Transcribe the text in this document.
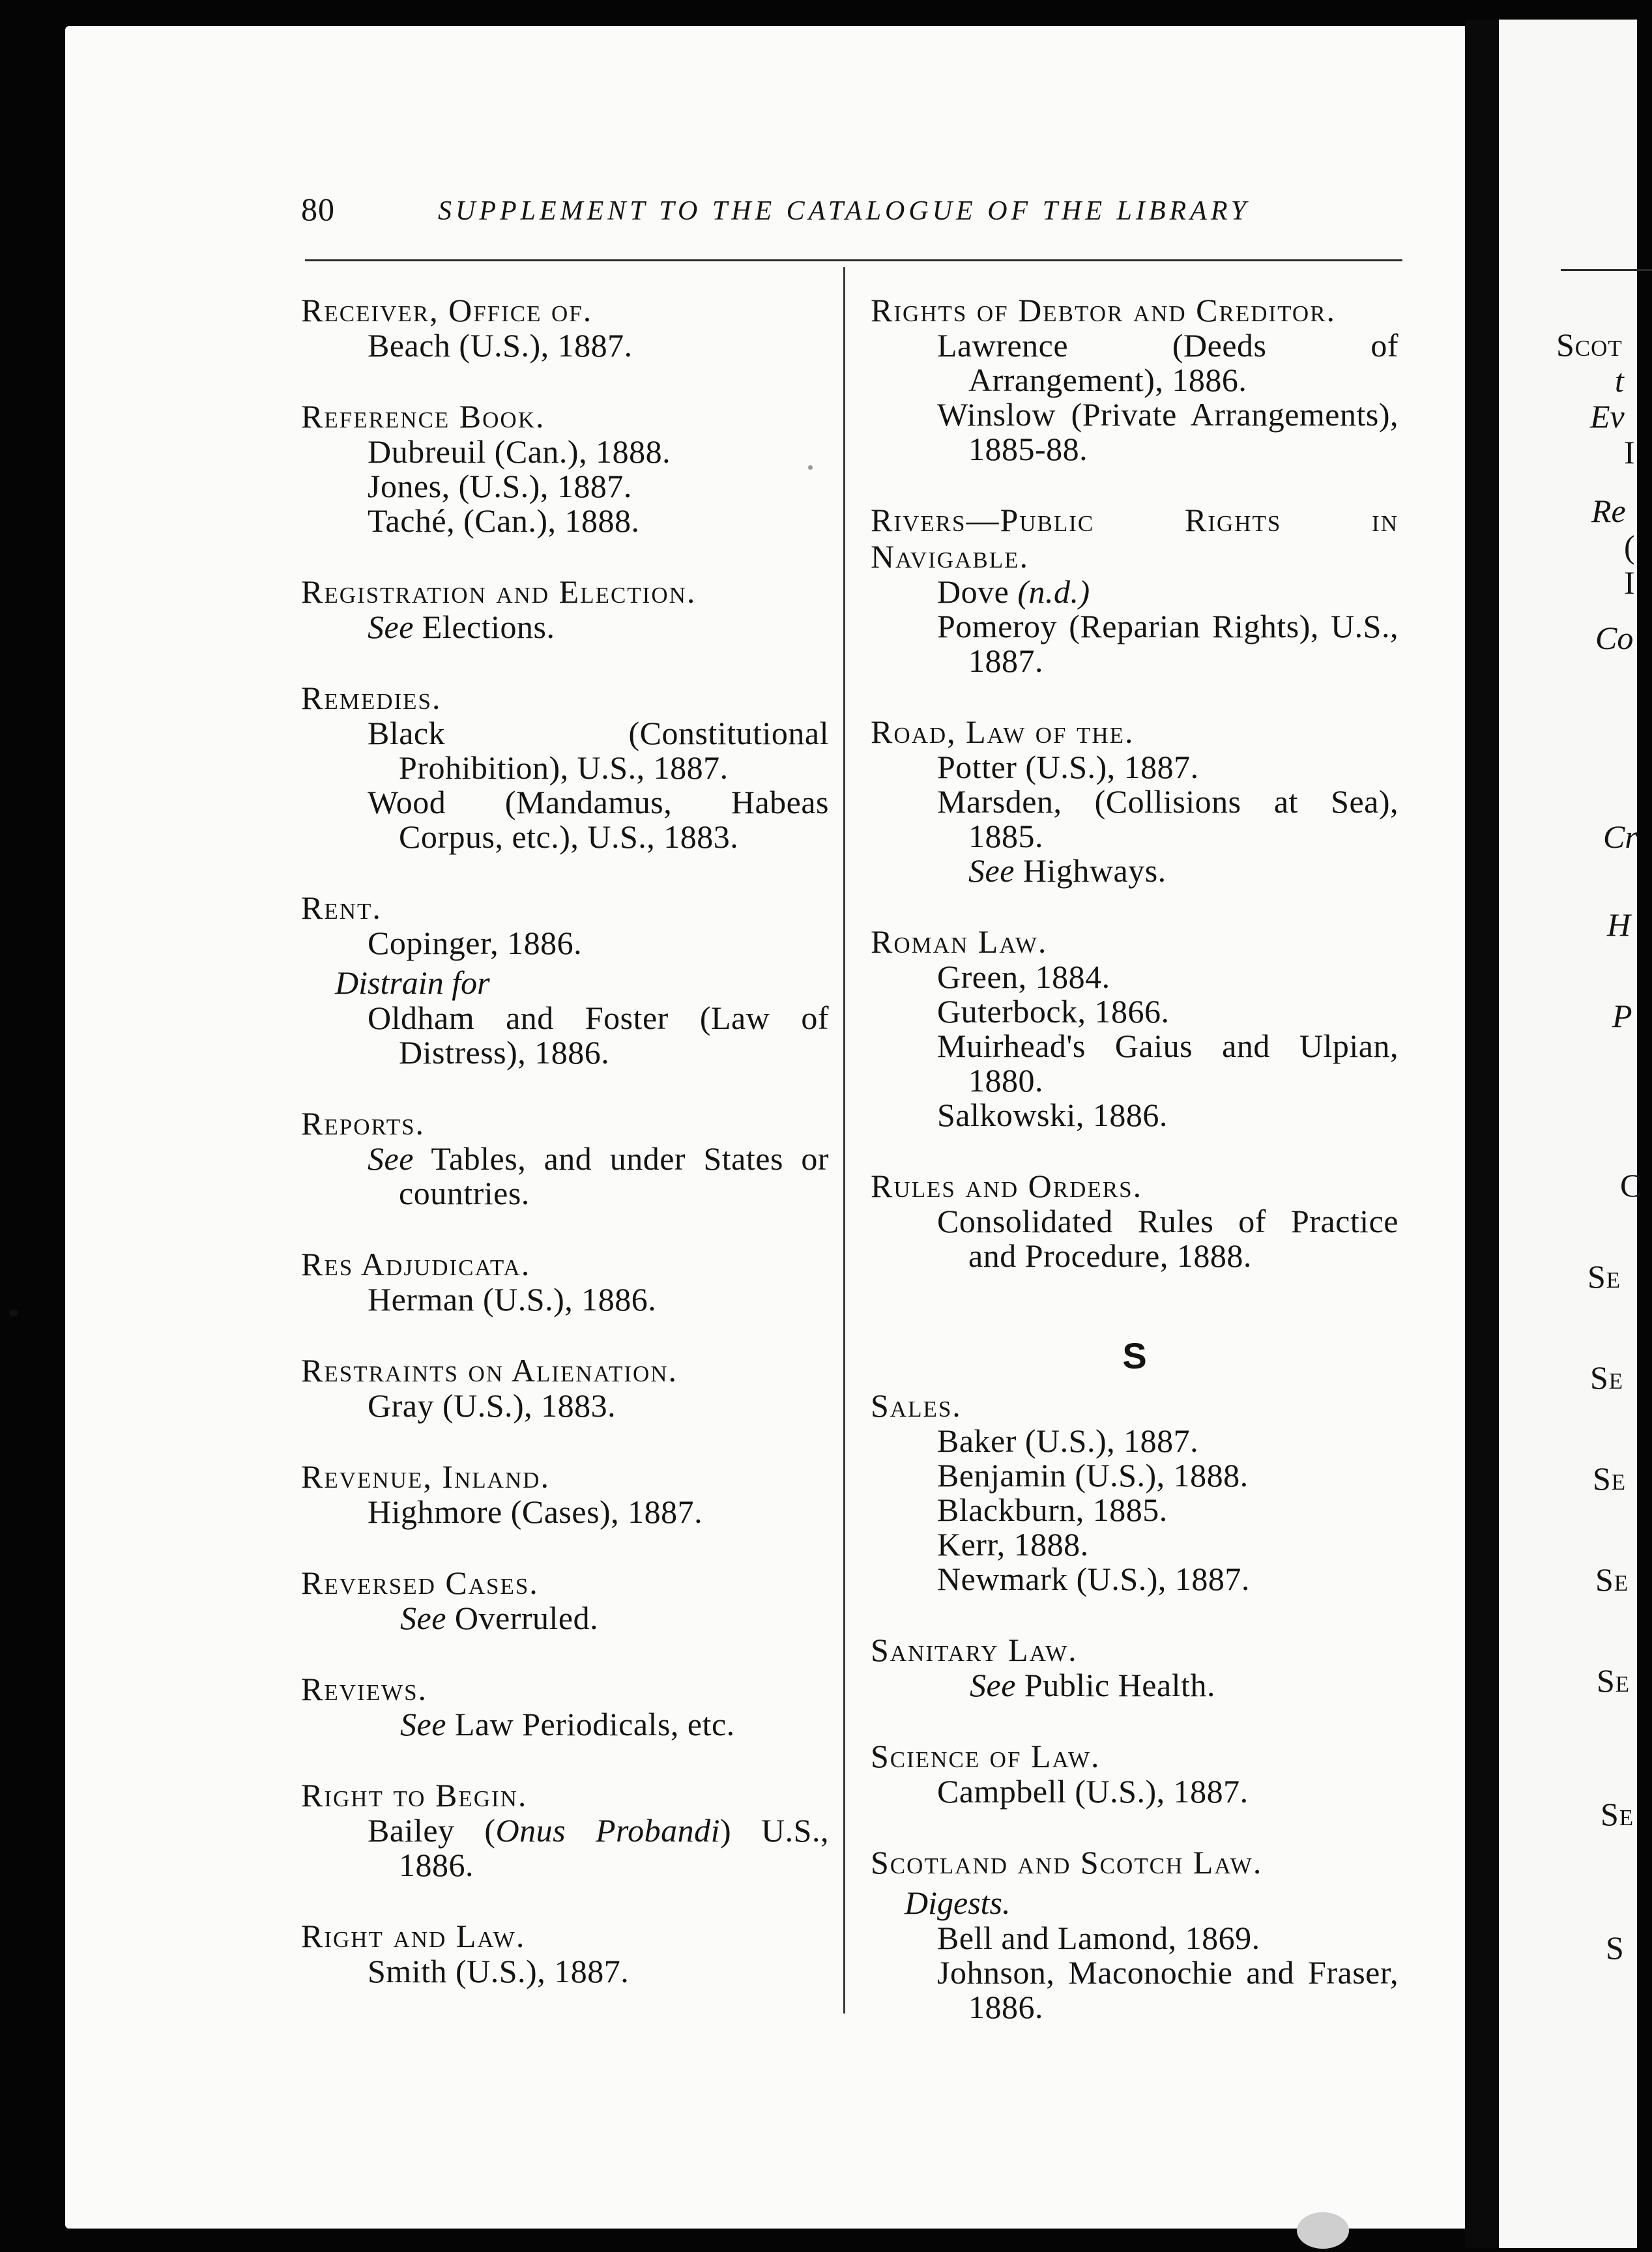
Scot
t
Ev
I
Re
(
I
Co
Cr
H
P
C
Se
Se
Se
Se
Se
Se
S
80	SUPPLEMENT TO THE CATALOGUE OF THE LIBRARY
Receiver, Office of.
Beach (U.S.), 1887.
Reference Book.
Dubreuil (Can.), 1888.
Jones, (U.S.), 1887.
Taché, (Can.), 1888.
Registration and Election.
See Elections.
Remedies.
Black (Constitutional Prohibition), U.S., 1887.
Wood (Mandamus, Habeas Corpus, etc.), U.S., 1883.
Rent.
Copinger, 1886.
Distrain for
Oldham and Foster (Law of Distress), 1886.
Reports.
See Tables, and under States or countries.
Res Adjudicata.
Herman (U.S.), 1886.
Restraints on Alienation.
Gray (U.S.), 1883.
Revenue, Inland.
Highmore (Cases), 1887.
Reversed Cases.
See Overruled.
Reviews.
See Law Periodicals, etc.
Right to Begin.
Bailey (Onus Probandi) U.S., 1886.
Right and Law.
Smith (U.S.), 1887.
Rights of Debtor and Creditor.
Lawrence (Deeds of Arrangement), 1886.
Winslow (Private Arrangements), 1885-88.
Rivers—Public Rights in Navigable.
Dove (n.d.)
Pomeroy (Reparian Rights), U.S., 1887.
Road, Law of the.
Potter (U.S.), 1887.
Marsden, (Collisions at Sea), 1885.
See Highways.
Roman Law.
Green, 1884.
Guterbock, 1866.
Muirhead's Gaius and Ulpian, 1880.
Salkowski, 1886.
Rules and Orders.
Consolidated Rules of Practice and Procedure, 1888.
S
Sales.
Baker (U.S.), 1887.
Benjamin (U.S.), 1888.
Blackburn, 1885.
Kerr, 1888.
Newmark (U.S.), 1887.
Sanitary Law.
See Public Health.
Science of Law.
Campbell (U.S.), 1887.
Scotland and Scotch Law.
Digests.
Bell and Lamond, 1869.
Johnson, Maconochie and Fraser, 1886.
